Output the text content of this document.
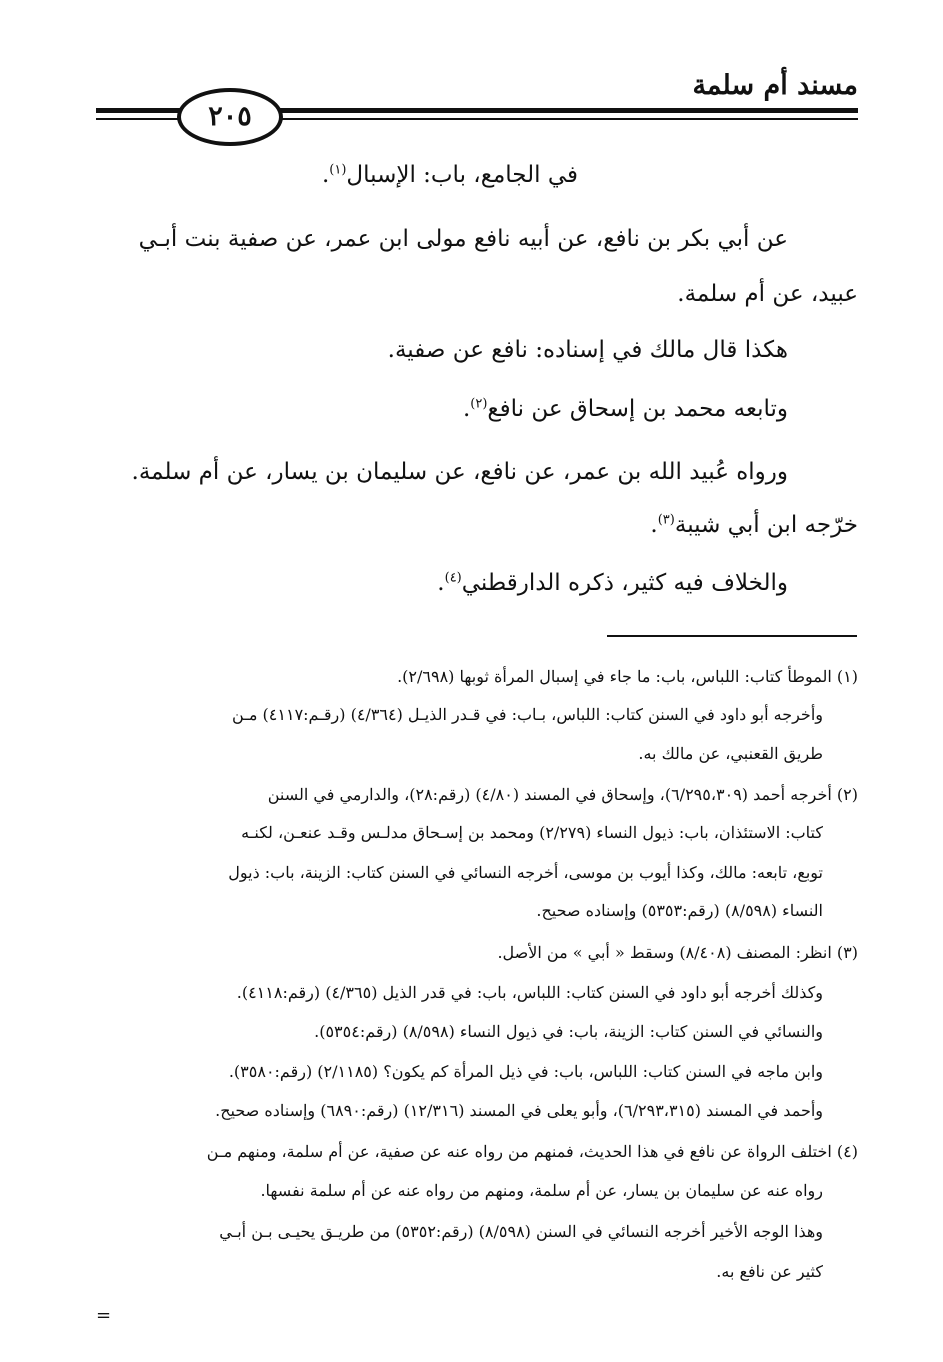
مسند أم سلمة
٢٠٥
في الجامع، باب: الإسبال$^{(١)}$.
عن أبي بكر بن نافع، عن أبيه نافع مولى ابن عمر، عن صفية بنت أبـي
عبيد، عن أم سلمة.
هكذا قال مالك في إسناده: نافع عن صفية.
وتابعه محمد بن إسحاق عن نافع$^{(٢)}$.
ورواه عُبيد الله بن عمر، عن نافع، عن سليمان بن يسار، عن أم سلمة.
خرّجه ابن أبي شيبة$^{(٣)}$.
والخلاف فيه كثير، ذكره الدارقطني$^{(٤)}$.
(١) الموطأ كتاب: اللباس، باب: ما جاء في إسبال المرأة ثوبها (٢/٦٩٨).
وأخرجه أبو داود في السنن كتاب: اللباس، بـاب: في قـدر الذيـل (٤/٣٦٤) (رقـم:٤١١٧) مـن
طريق القعنبي، عن مالك به.
(٢) أخرجه أحمد (٦/٢٩٥،٣٠٩)، وإسحاق في المسند (٤/٨٠) (رقم:٢٨)، والدارمي في السنن
كتاب: الاستئذان، باب: ذيول النساء (٢/٢٧٩) ومحمد بن إسـحاق مدلـس وقـد عنعـن، لكنـه
توبع، تابعه: مالك، وكذا أيوب بن موسى، أخرجه النسائي في السنن كتاب: الزينة، باب: ذيول
النساء (٨/٥٩٨) (رقم:٥٣٥٣) وإسناده صحيح.
(٣) انظر: المصنف (٨/٤٠٨) وسقط « أبي » من الأصل.
وكذلك أخرجه أبو داود في السنن كتاب: اللباس، باب: في قدر الذيل (٤/٣٦٥) (رقم:٤١١٨).
والنسائي في السنن كتاب: الزينة، باب: في ذيول النساء (٨/٥٩٨) (رقم:٥٣٥٤).
وابن ماجه في السنن كتاب: اللباس، باب: في ذيل المرأة كم يكون؟ (٢/١١٨٥) (رقم:٣٥٨٠).
وأحمد في المسند (٦/٢٩٣،٣١٥)، وأبو يعلى في المسند (١٢/٣١٦) (رقم:٦٨٩٠) وإسناده صحيح.
(٤) اختلف الرواة عن نافع في هذا الحديث، فمنهم من رواه عنه عن صفية، عن أم سلمة، ومنهم مـن
رواه عنه عن سليمان بن يسار، عن أم سلمة، ومنهم من رواه عنه عن أم سلمة نفسها.
وهذا الوجه الأخير أخرجه النسائي في السنن (٨/٥٩٨) (رقم:٥٣٥٢) من طريـق يحيـى بـن أبـي
كثير عن نافع به.
=
